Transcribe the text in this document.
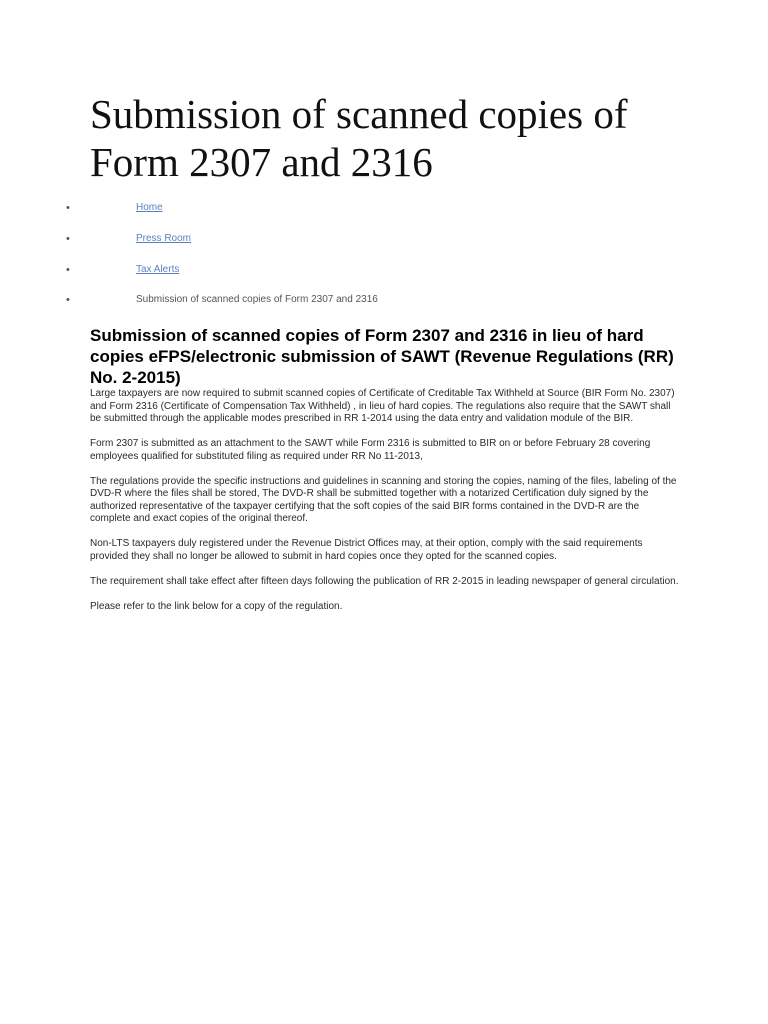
Submission of scanned copies of Form 2307 and 2316
•	Home
•	Press Room
•	Tax Alerts
•	Submission of scanned copies of Form 2307 and 2316
Submission of scanned copies of Form 2307 and 2316 in lieu of hard copies eFPS/electronic submission of SAWT (Revenue Regulations (RR) No. 2-2015)

Large taxpayers are now required to submit scanned copies of Certificate of Creditable Tax Withheld at Source (BIR Form No. 2307) and Form 2316 (Certificate of Compensation Tax Withheld) , in lieu of hard copies. The regulations also require that the SAWT shall be submitted through the applicable modes prescribed in RR 1-2014 using the data entry and validation module of the BIR.

Form 2307 is submitted as an attachment to the SAWT while Form 2316 is submitted to BIR on or before February 28 covering employees qualified for substituted filing as required under RR No 11-2013,

The regulations provide the specific instructions and guidelines in scanning and storing the copies, naming of the files, labeling of the DVD-R where the files shall be stored, The DVD-R shall be submitted together with a notarized Certification duly signed by the authorized representative of the taxpayer certifying that the soft copies of the said BIR forms contained in the DVD-R are the complete and exact copies of the original thereof.

Non-LTS taxpayers duly registered under the Revenue District Offices may, at their option, comply with the said requirements provided they shall no longer be allowed to submit in hard copies once they opted for the scanned copies.

The requirement shall take effect after fifteen days following the publication of RR 2-2015 in leading newspaper of general circulation.

Please refer to the link below for a copy of the regulation.
